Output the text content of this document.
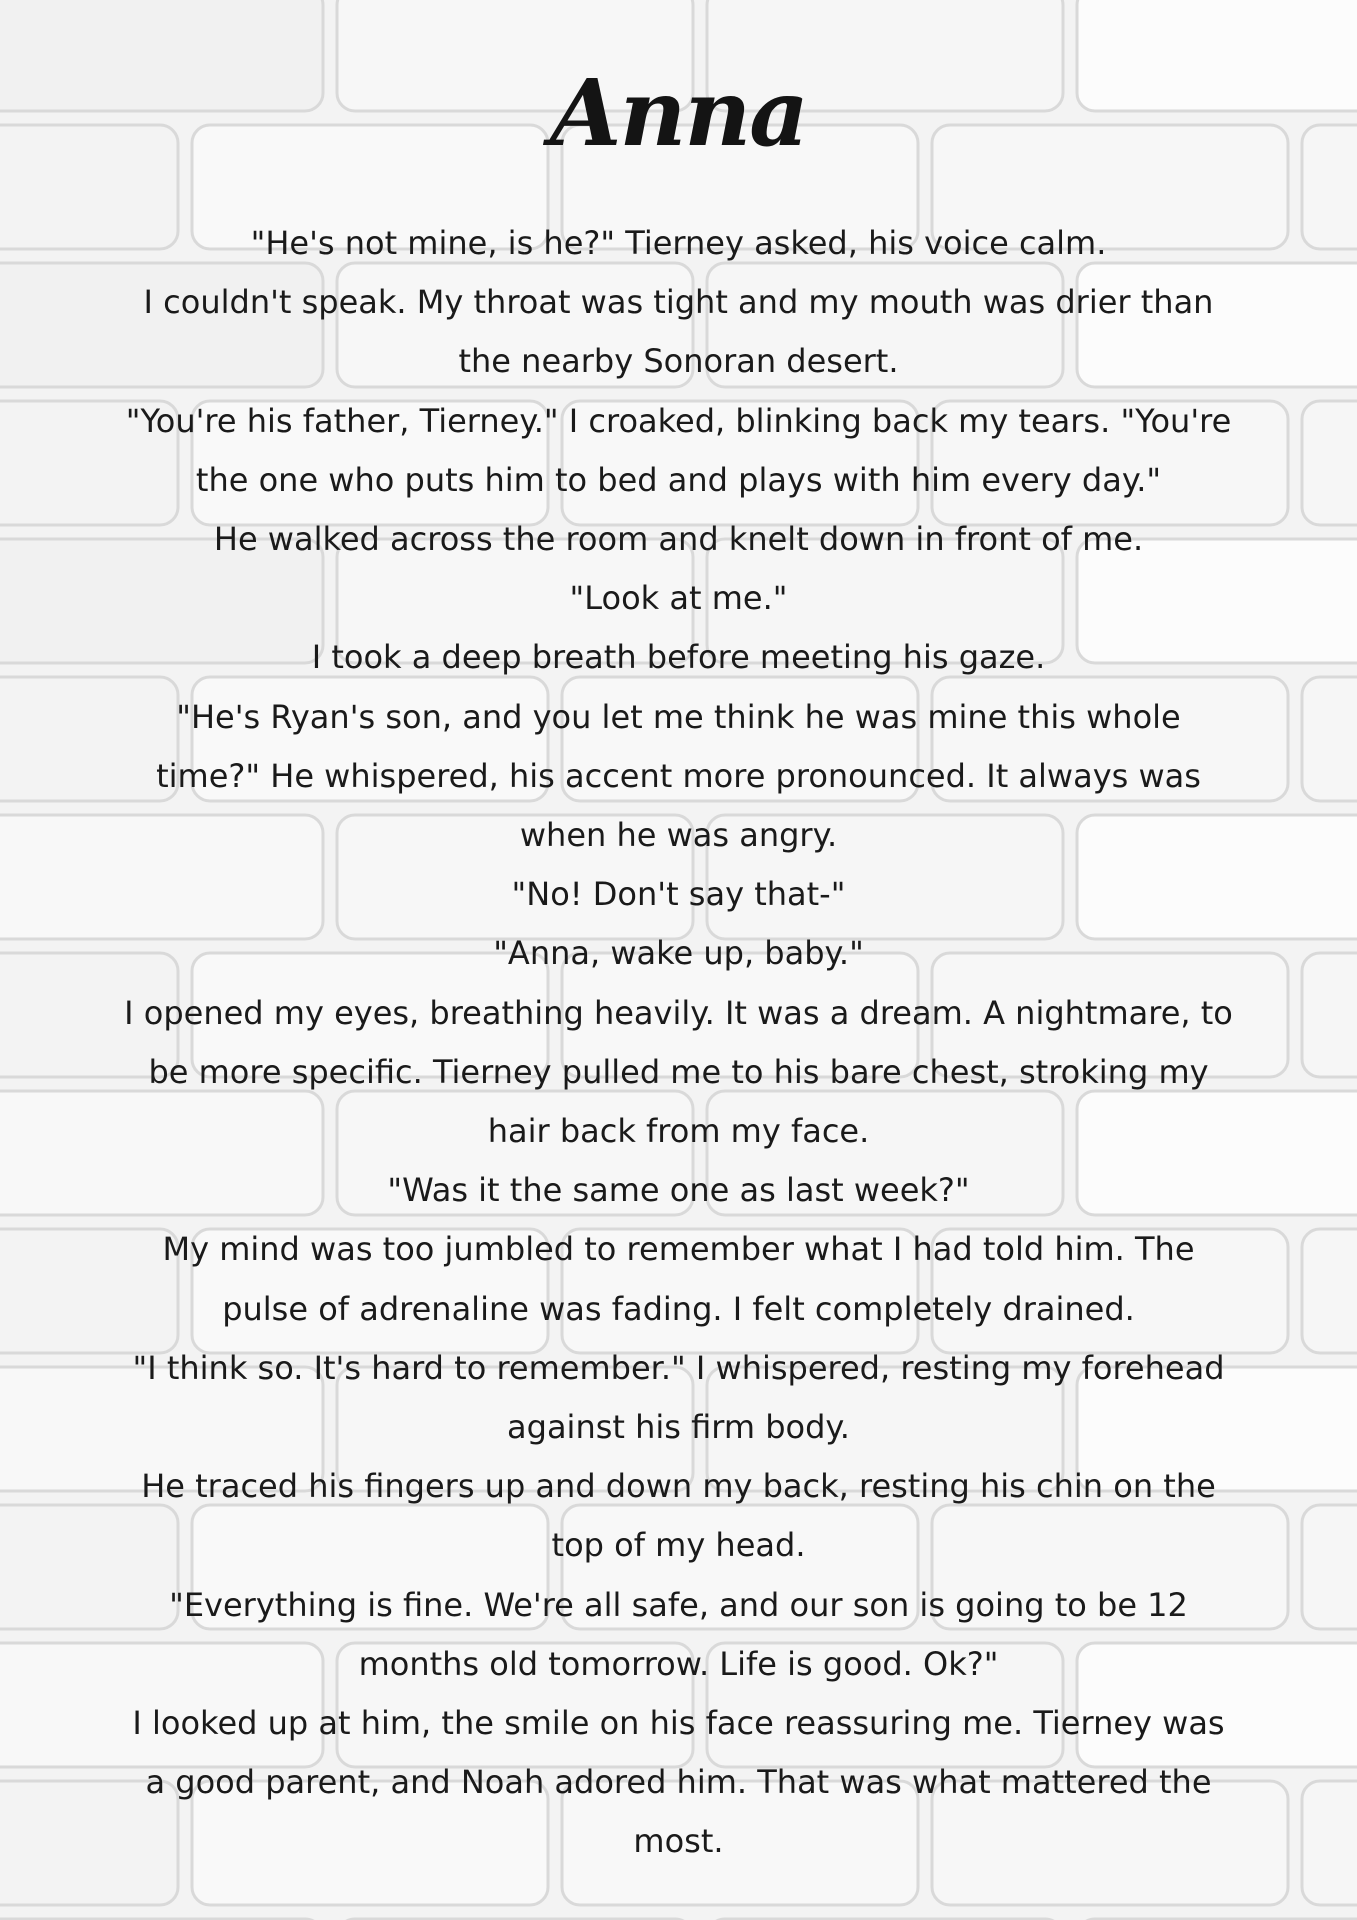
Anna

"He's not mine, is he?" Tierney asked, his voice calm.

I couldn't speak. My throat was tight and my mouth was drier than the nearby Sonoran desert.

"You're his father, Tierney." I croaked, blinking back my tears. "You're the one who puts him to bed and plays with him every day."

He walked across the room and knelt down in front of me.

"Look at me."

I took a deep breath before meeting his gaze.

"He's Ryan's son, and you let me think he was mine this whole time?" He whispered, his accent more pronounced. It always was when he was angry.

"No! Don't say that-"

"Anna, wake up, baby."

I opened my eyes, breathing heavily. It was a dream. A nightmare, to be more specific. Tierney pulled me to his bare chest, stroking my hair back from my face.

"Was it the same one as last week?"

My mind was too jumbled to remember what I had told him. The pulse of adrenaline was fading. I felt completely drained.

"I think so. It's hard to remember." I whispered, resting my forehead against his firm body.

He traced his fingers up and down my back, resting his chin on the top of my head.

"Everything is fine. We're all safe, and our son is going to be 12 months old tomorrow. Life is good. Ok?"

I looked up at him, the smile on his face reassuring me. Tierney was a good parent, and Noah adored him. That was what mattered the most.
